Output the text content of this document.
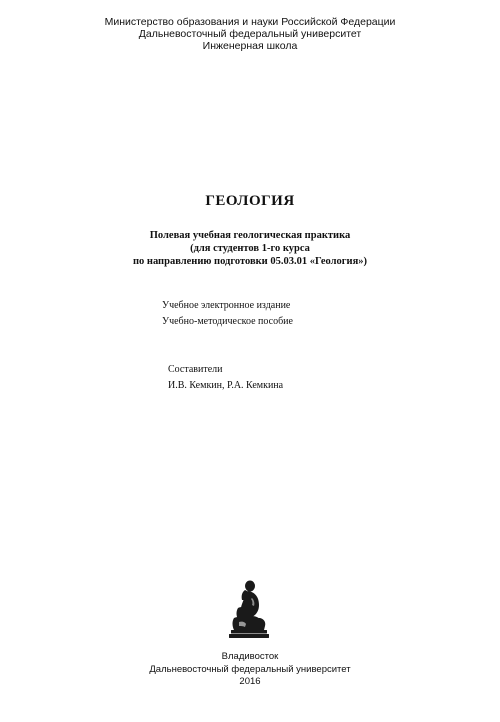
Министерство образования и науки Российской Федерации
Дальневосточный федеральный университет
Инженерная школа
ГЕОЛОГИЯ
Полевая учебная геологическая практика
(для студентов 1-го курса
по направлению подготовки 05.03.01 «Геология»)
Учебное электронное издание
Учебно-методическое пособие
Составители
И.В. Кемкин, Р.А. Кемкина
Владивосток
Дальневосточный федеральный университет
2016
